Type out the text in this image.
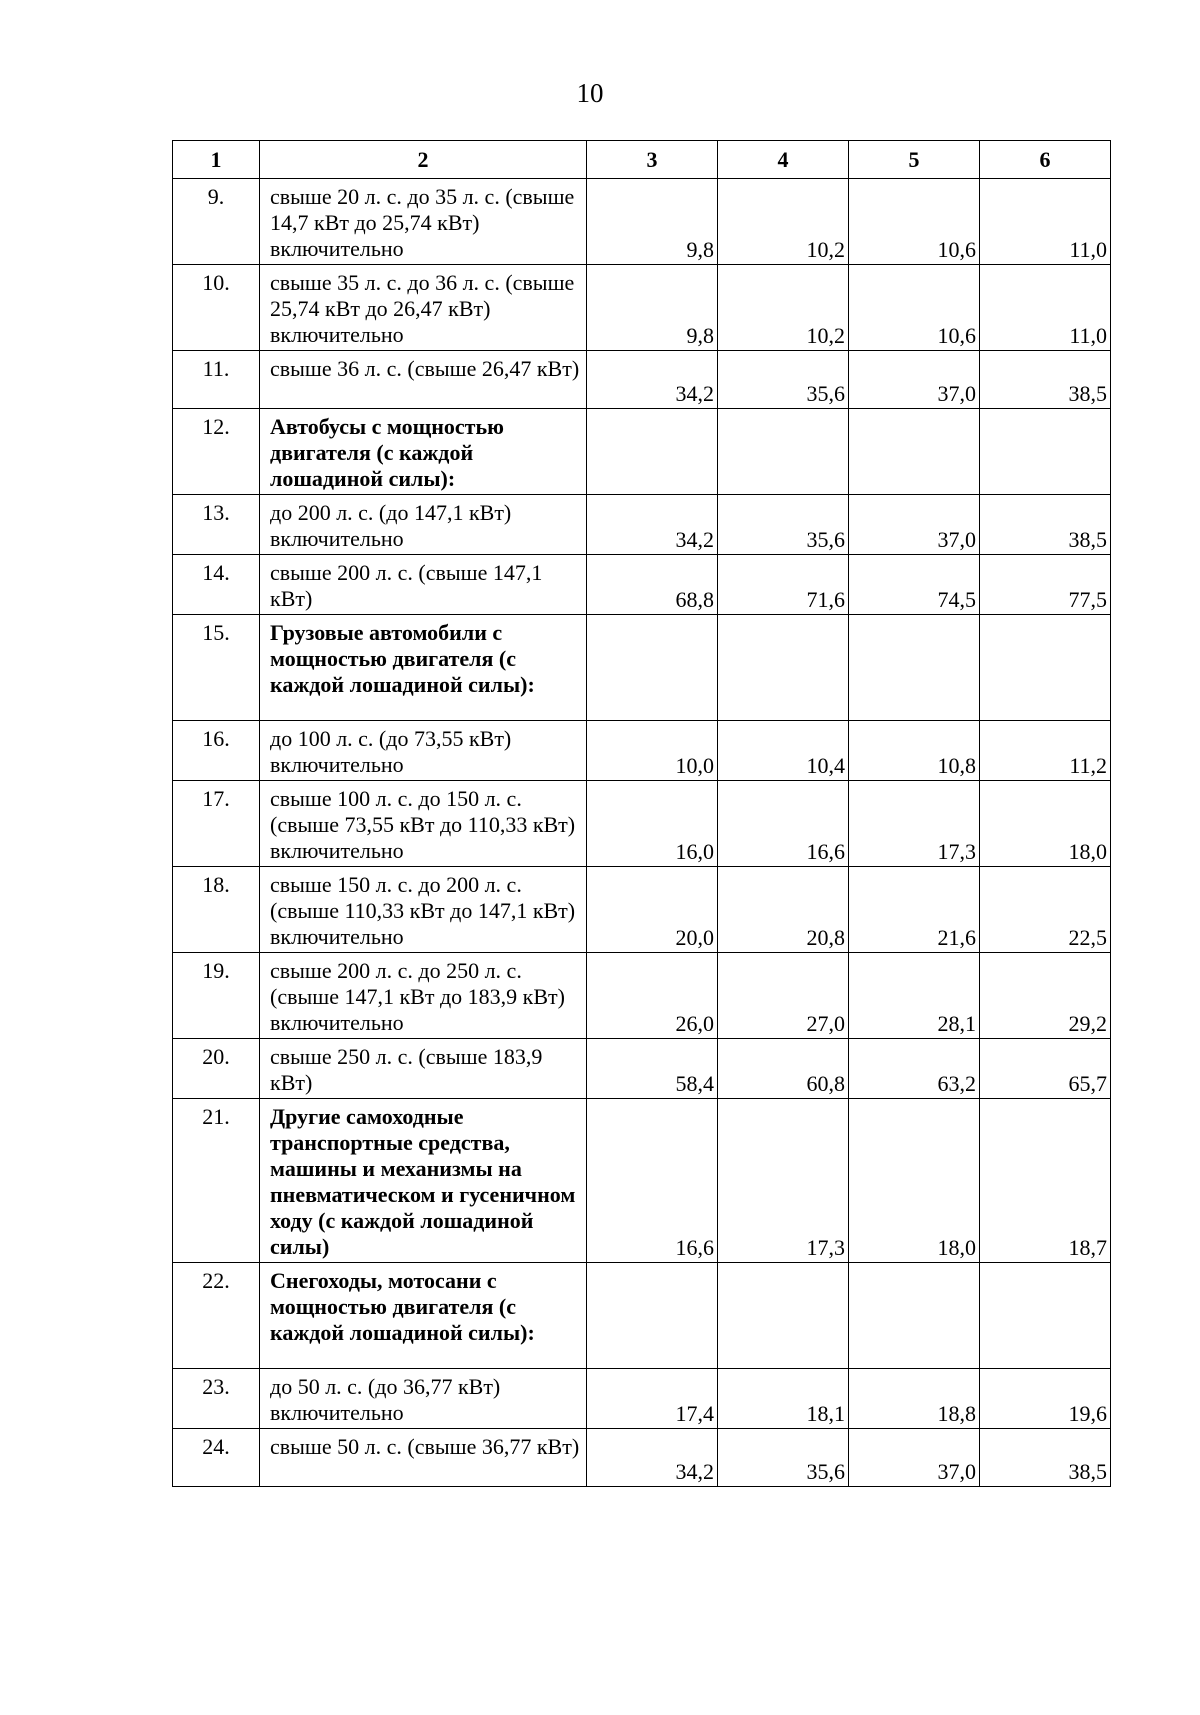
10
1	2	3	4	5	6
9.	свыше 20 л. с. до 35 л. с. (свыше 14,7 кВт до 25,74 кВт) включительно	9,8	10,2	10,6	11,0
10.	свыше 35 л. с. до 36 л. с. (свыше 25,74 кВт до 26,47 кВт) включительно	9,8	10,2	10,6	11,0
11.	свыше 36 л. с. (свыше 26,47 кВт)	34,2	35,6	37,0	38,5
12.	Автобусы с мощностью двигателя (с каждой лошадиной силы):				
13.	до 200 л. с. (до 147,1 кВт) включительно	34,2	35,6	37,0	38,5
14.	свыше 200 л. с. (свыше 147,1 кВт)	68,8	71,6	74,5	77,5
15.	Грузовые автомобили с мощностью двигателя (с каждой лошадиной силы):				
16.	до 100 л. с. (до 73,55 кВт) включительно	10,0	10,4	10,8	11,2
17.	свыше 100 л. с. до 150 л. с. (свыше 73,55 кВт до 110,33 кВт) включительно	16,0	16,6	17,3	18,0
18.	свыше 150 л. с. до 200 л. с. (свыше 110,33 кВт до 147,1 кВт) включительно	20,0	20,8	21,6	22,5
19.	свыше 200 л. с. до 250 л. с. (свыше 147,1 кВт до 183,9 кВт) включительно	26,0	27,0	28,1	29,2
20.	свыше 250 л. с. (свыше 183,9 кВт)	58,4	60,8	63,2	65,7
21.	Другие самоходные транспортные средства, машины и механизмы на пневматическом и гусеничном ходу (с каждой лошадиной силы)	16,6	17,3	18,0	18,7
22.	Снегоходы, мотосани с мощностью двигателя (с каждой лошадиной силы):				
23.	до 50 л. с. (до 36,77 кВт) включительно	17,4	18,1	18,8	19,6
24.	свыше 50 л. с. (свыше 36,77 кВт)	34,2	35,6	37,0	38,5
